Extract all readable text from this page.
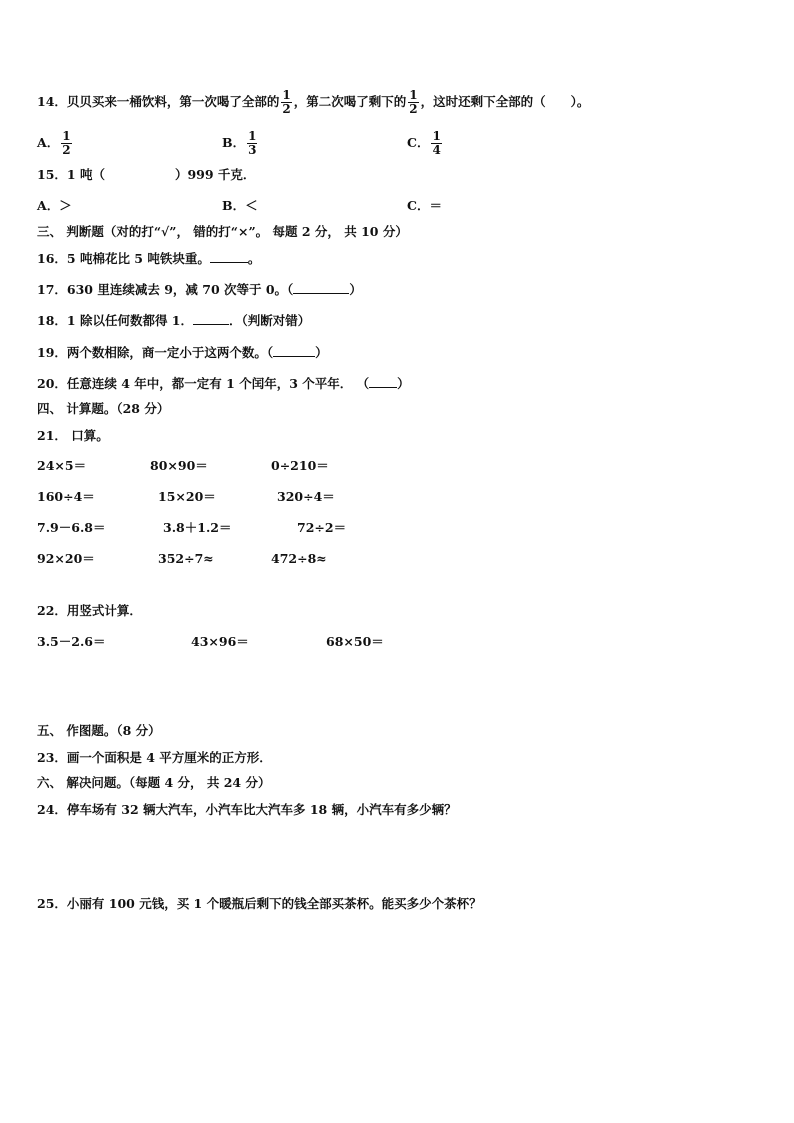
14．贝贝买来一桶饮料，第一次喝了全部的 $\frac{1}{2}$ ，第二次喝了剩下的 $\frac{1}{2}$ ，这时还剩下全部的（　　）。
A． $\frac{1}{2}$	B． $\frac{1}{3}$	C． $\frac{1}{4}$
15．1 吨（	）999 千克．
A．＞	B．＜	C．＝
三、 判断题（对的打“√”， 错的打“×”。 每题 2 分， 共 10 分）
16．5 吨棉花比 5 吨铁块重。	。
17．630 里连续减去 9，减 70 次等于 0。（	）
18．1 除以任何数都得 1．	．（判断对错）
19．两个数相除，商一定小于这两个数。（	）
20．任意连续 4 年中，都一定有 1 个闰年，3 个平年． （ ）
四、 计算题。（28 分）
21． 口算。
24×5＝	80×90＝	0÷210＝
160÷4＝	15×20＝	320÷4＝
7.9－6.8＝	3.8＋1.2＝	72÷2＝
92×20＝	352÷7≈	472÷8≈
22．用竖式计算．
3.5－2.6＝	43×96＝	68×50＝
五、 作图题。（8 分）
23．画一个面积是 4 平方厘米的正方形．
六、 解决问题。（每题 4 分， 共 24 分）
24．停车场有 32 辆大汽车，小汽车比大汽车多 18 辆，小汽车有多少辆？
25．小丽有 100 元钱，买 1 个暖瓶后剩下的钱全部买茶杯。能买多少个茶杯？
